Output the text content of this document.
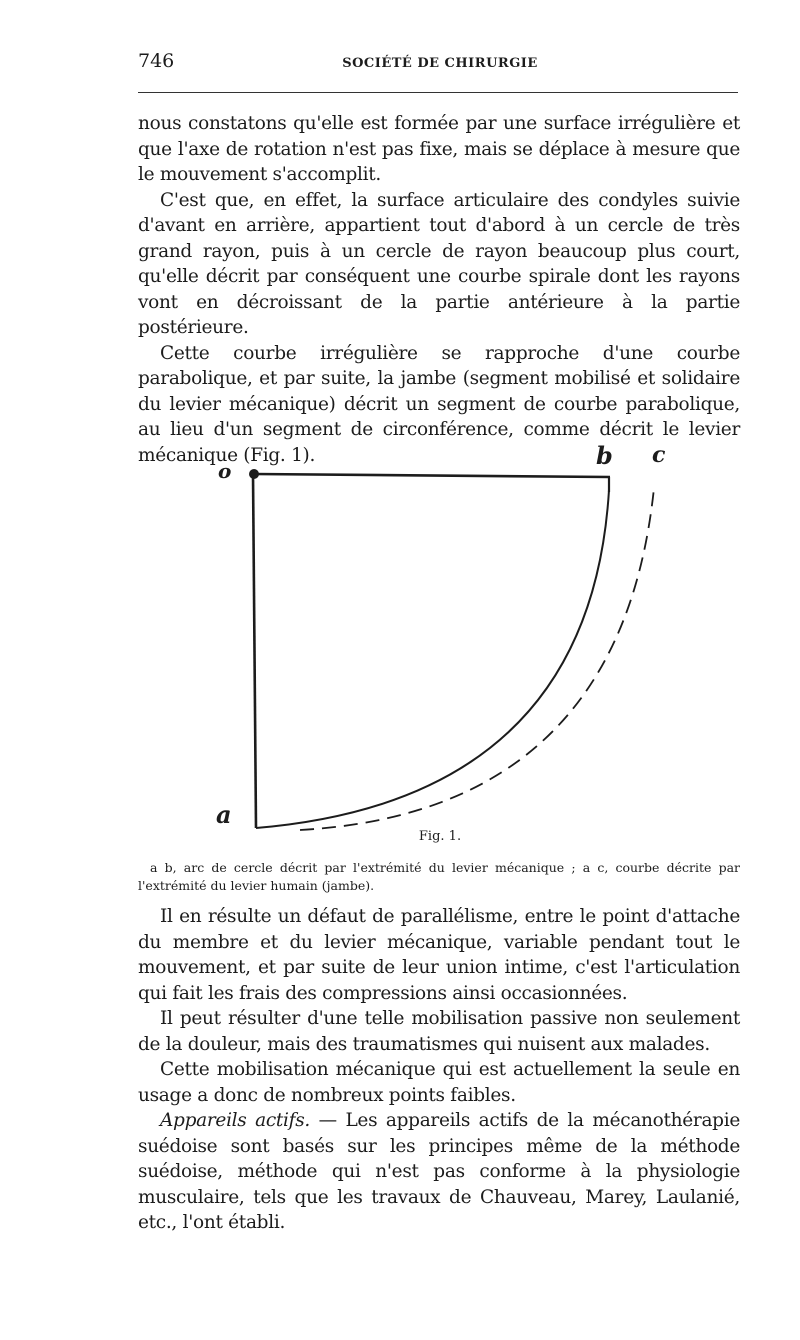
746	SOCIÉTÉ DE CHIRURGIE

nous constatons qu'elle est formée par une surface irrégulière et que l'axe de rotation n'est pas fixe, mais se déplace à mesure que le mouvement s'accomplit.

C'est que, en effet, la surface articulaire des condyles suivie d'avant en arrière, appartient tout d'abord à un cercle de très grand rayon, puis à un cercle de rayon beaucoup plus court, qu'elle décrit par conséquent une courbe spirale dont les rayons vont en décroissant de la partie antérieure à la partie postérieure.

Cette courbe irrégulière se rapproche d'une courbe parabolique, et par suite, la jambe (segment mobilisé et solidaire du levier mécanique) décrit un segment de courbe parabolique, au lieu d'un segment de circonférence, comme décrit le levier mécanique (Fig. 1).

o
b c
a
Fig. 1.

a b, arc de cercle décrit par l'extrémité du levier mécanique ; a c, courbe décrite par l'extrémité du levier humain (jambe).

Il en résulte un défaut de parallélisme, entre le point d'attache du membre et du levier mécanique, variable pendant tout le mouvement, et par suite de leur union intime, c'est l'articulation qui fait les frais des compressions ainsi occasionnées.

Il peut résulter d'une telle mobilisation passive non seulement de la douleur, mais des traumatismes qui nuisent aux malades.

Cette mobilisation mécanique qui est actuellement la seule en usage a donc de nombreux points faibles.

Appareils actifs. — Les appareils actifs de la mécanothérapie suédoise sont basés sur les principes même de la méthode suédoise, méthode qui n'est pas conforme à la physiologie musculaire, tels que les travaux de Chauveau, Marey, Laulanié, etc., l'ont établi.
